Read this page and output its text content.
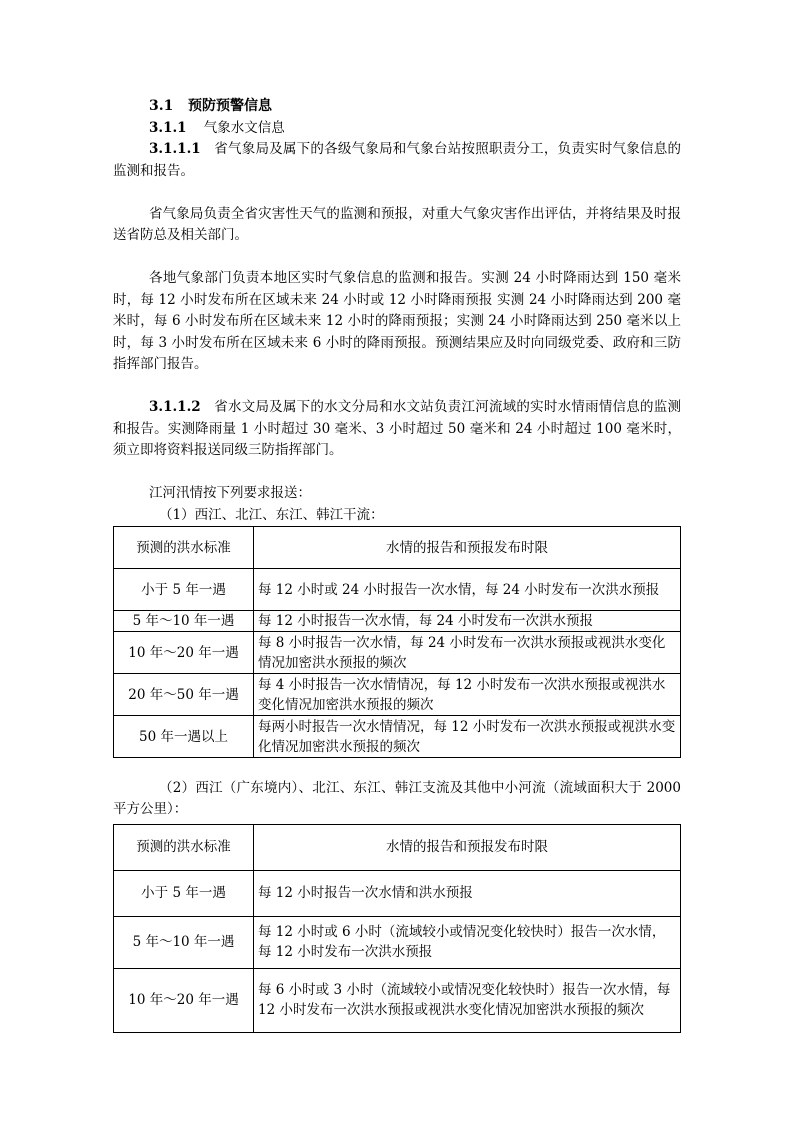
3.1 预防预警信息

3.1.1 气象水文信息

3.1.1.1 省气象局及属下的各级气象局和气象台站按照职责分工，负责实时气象信息的监测和报告。

省气象局负责全省灾害性天气的监测和预报，对重大气象灾害作出评估，并将结果及时报送省防总及相关部门。

各地气象部门负责本地区实时气象信息的监测和报告。实测 24 小时降雨达到 150 毫米时，每 12 小时发布所在区域未来 24 小时或 12 小时降雨预报 实测 24 小时降雨达到 200 毫米时，每 6 小时发布所在区域未来 12 小时的降雨预报；实测 24 小时降雨达到 250 毫米以上时，每 3 小时发布所在区域未来 6 小时的降雨预报。预测结果应及时向同级党委、政府和三防指挥部门报告。

3.1.1.2 省水文局及属下的水文分局和水文站负责江河流域的实时水情雨情信息的监测和报告。实测降雨量 1 小时超过 30 毫米、3 小时超过 50 毫米和 24 小时超过 100 毫米时，须立即将资料报送同级三防指挥部门。

江河汛情按下列要求报送：

（1）西江、北江、东江、韩江干流：

预测的洪水标准	水情的报告和预报发布时限
小于 5 年一遇	每 12 小时或 24 小时报告一次水情，每 24 小时发布一次洪水预报
5 年～10 年一遇	每 12 小时报告一次水情，每 24 小时发布一次洪水预报
10 年～20 年一遇	每 8 小时报告一次水情，每 24 小时发布一次洪水预报或视洪水变化情况加密洪水预报的频次
20 年～50 年一遇	每 4 小时报告一次水情情况，每 12 小时发布一次洪水预报或视洪水变化情况加密洪水预报的频次
50 年一遇以上	每两小时报告一次水情情况，每 12 小时发布一次洪水预报或视洪水变化情况加密洪水预报的频次

（2）西江（广东境内）、北江、东江、韩江支流及其他中小河流（流域面积大于 2000 平方公里）：

预测的洪水标准	水情的报告和预报发布时限
小于 5 年一遇	每 12 小时报告一次水情和洪水预报
5 年～10 年一遇	每 12 小时或 6 小时（流域较小或情况变化较快时）报告一次水情，每 12 小时发布一次洪水预报
10 年～20 年一遇	每 6 小时或 3 小时（流域较小或情况变化较快时）报告一次水情，每 12 小时发布一次洪水预报或视洪水变化情况加密洪水预报的频次
